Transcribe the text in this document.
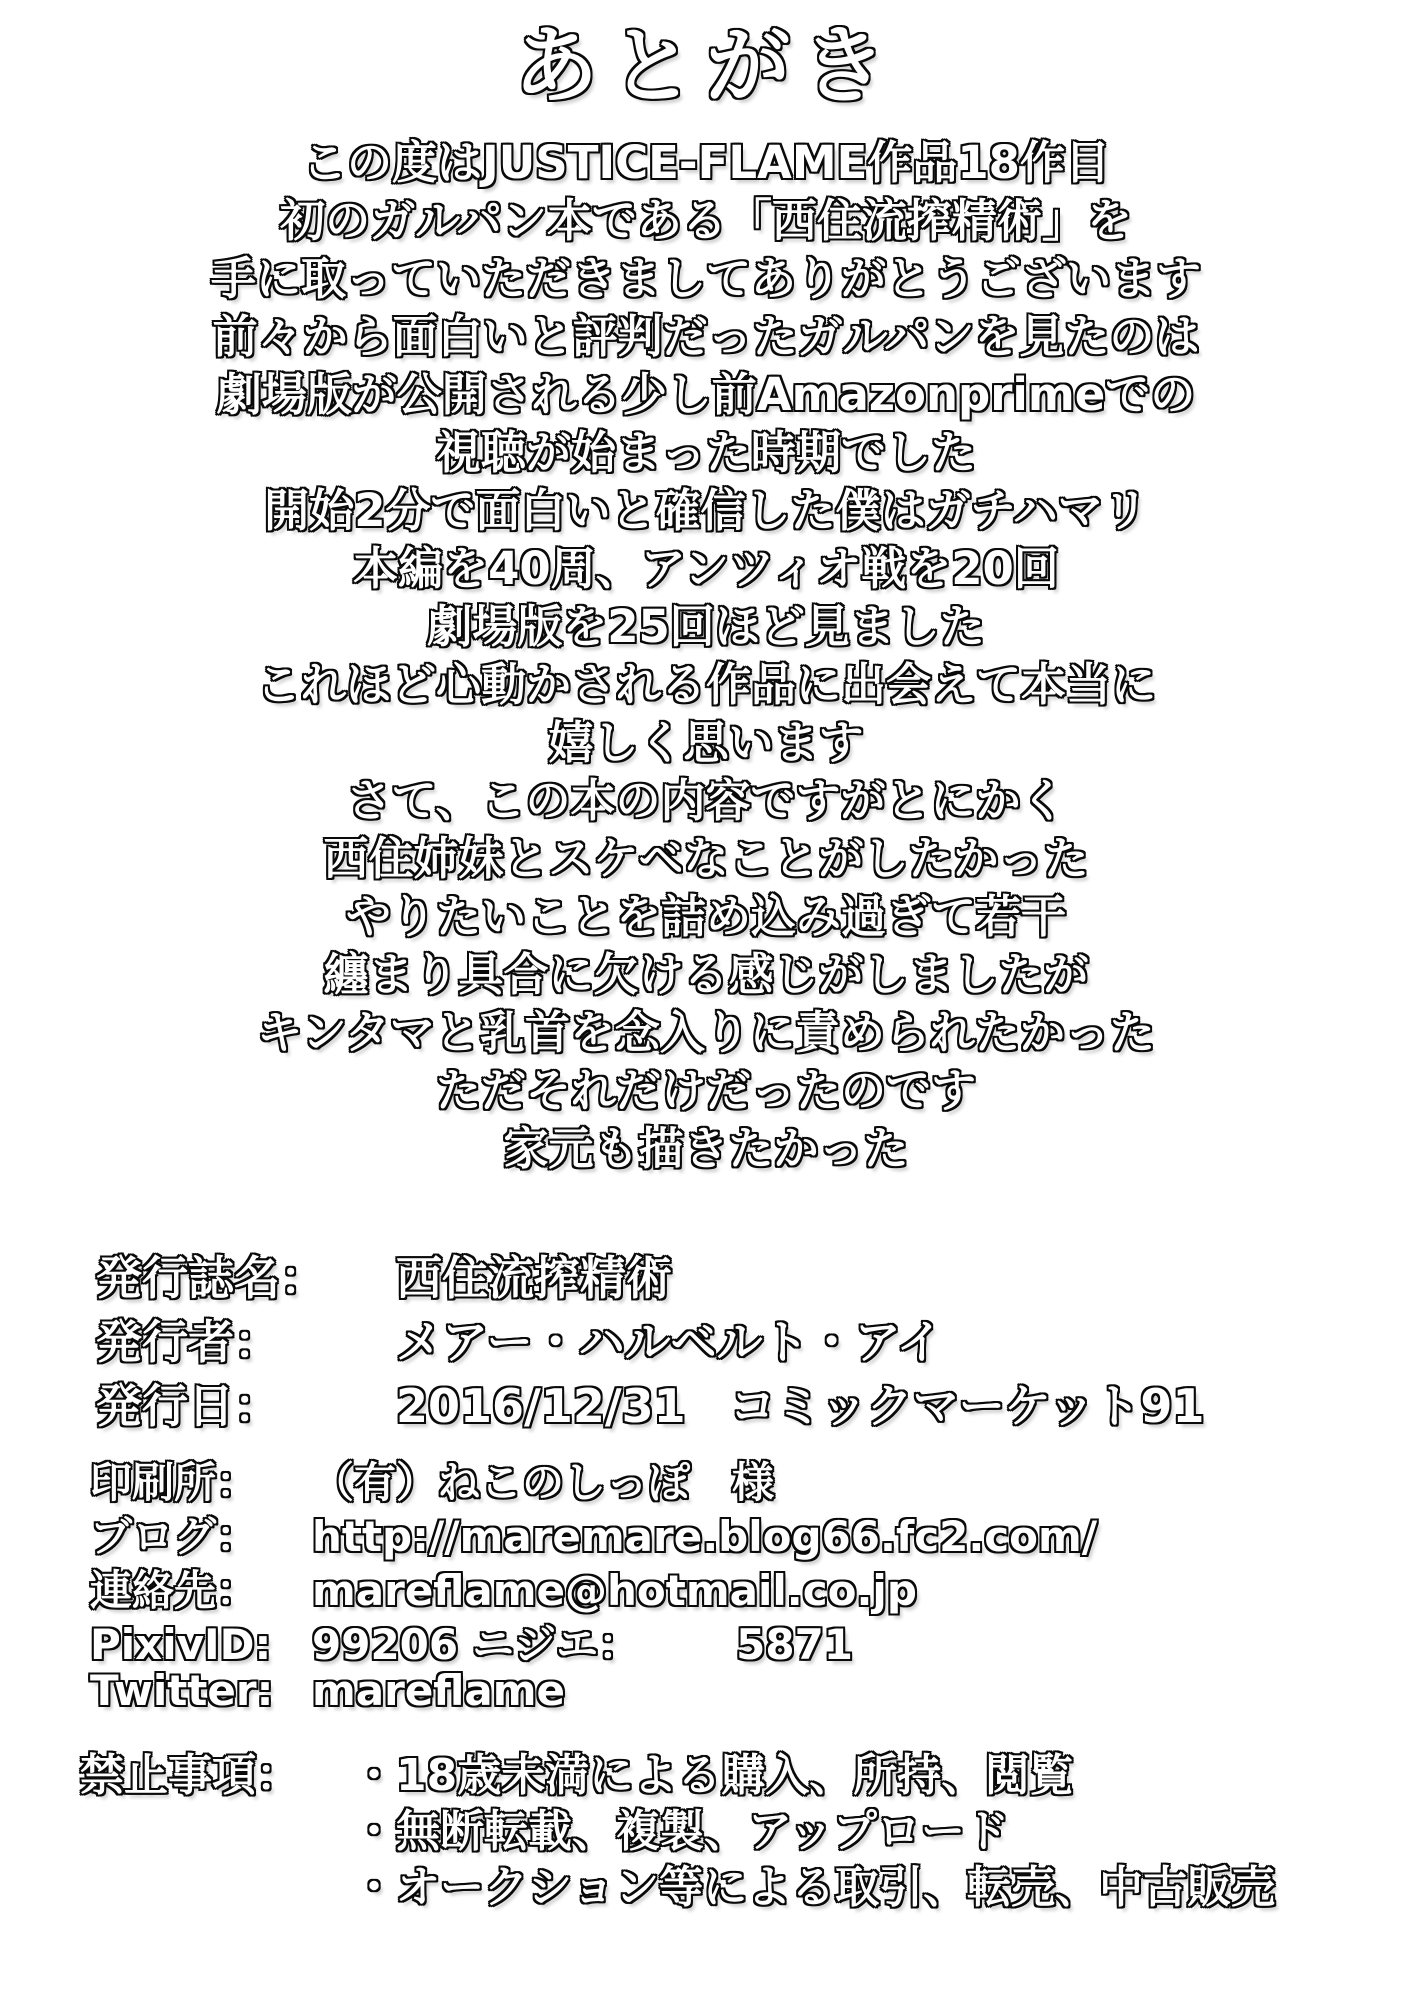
あとがき
この度はJUSTICE-FLAME作品18作目
初のガルパン本である「西住流搾精術」を
手に取っていただきましてありがとうございます
前々から面白いと評判だったガルパンを見たのは
劇場版が公開される少し前Amazonprimeでの
視聴が始まった時期でした
開始2分で面白いと確信した僕はガチハマリ
本編を40周、アンツィオ戦を20回
劇場版を25回ほど見ました
これほど心動かされる作品に出会えて本当に
嬉しく思います
さて、この本の内容ですがとにかく
西住姉妹とスケベなことがしたかった
やりたいことを詰め込み過ぎて若干
纏まり具合に欠ける感じがしましたが
キンタマと乳首を念入りに責められたかった
ただそれだけだったのです
家元も描きたかった
発行誌名：	西住流搾精術
発行者：	メアー・ハルベルト・アイ
発行日：	2016/12/31 コミックマーケット91
印刷所：	（有）ねこのしっぽ　様
ブログ：	http://maremare.blog66.fc2.com/
連絡先：	mareflame@hotmail.co.jp
PixivID: 99206 ニジエ： 5871
Twitter: mareflame
禁止事項：	・18歳未満による購入、所持、閲覧
・無断転載、複製、アップロード
・オークション等による取引、転売、中古販売
